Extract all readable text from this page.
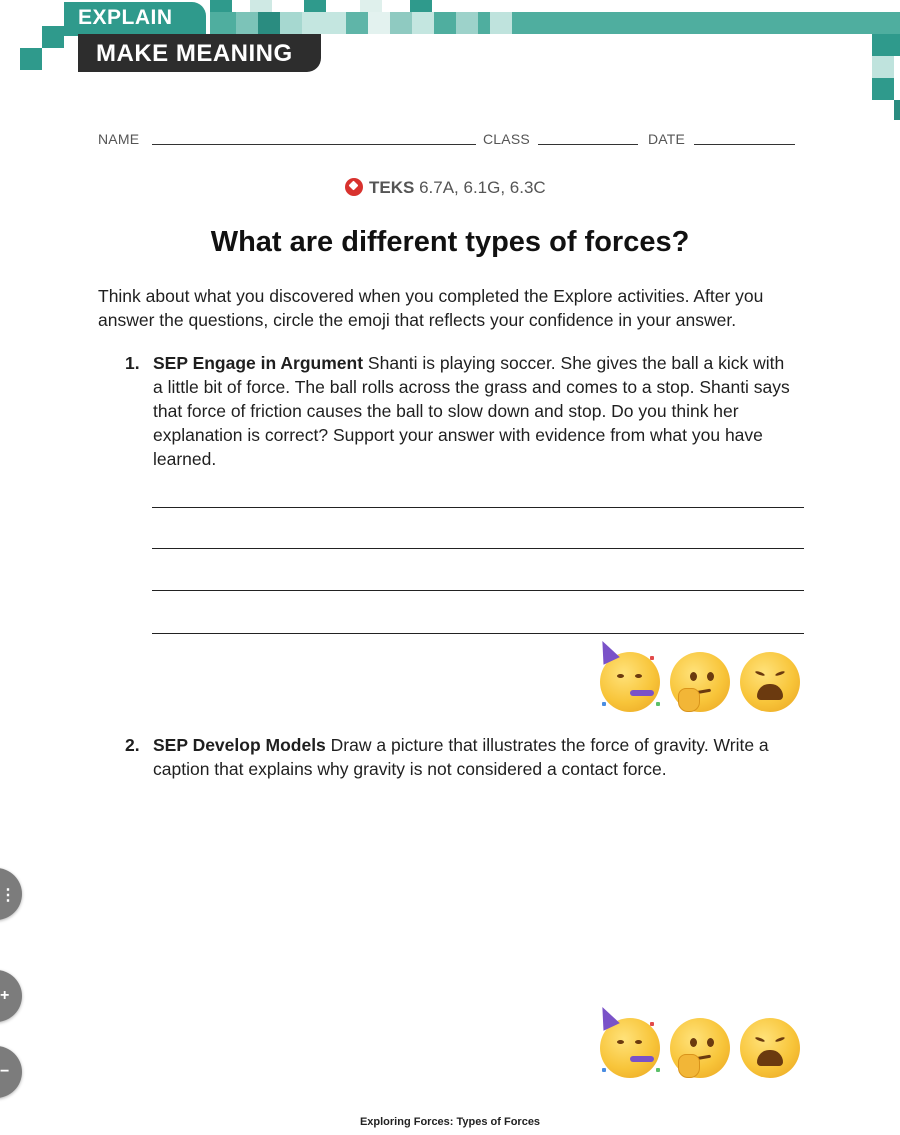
EXPLAIN
MAKE MEANING
NAME	CLASS	DATE
TEKS 6.7A, 6.1G, 6.3C
What are different types of forces?
Think about what you discovered when you completed the Explore activities. After you answer the questions, circle the emoji that reflects your confidence in your answer.
1. SEP Engage in Argument Shanti is playing soccer. She gives the ball a kick with a little bit of force. The ball rolls across the grass and comes to a stop. Shanti says that force of friction causes the ball to slow down and stop. Do you think her explanation is correct? Support your answer with evidence from what you have learned.
2. SEP Develop Models Draw a picture that illustrates the force of gravity. Write a caption that explains why gravity is not considered a contact force.
⋮
+
−
Exploring Forces: Types of Forces
